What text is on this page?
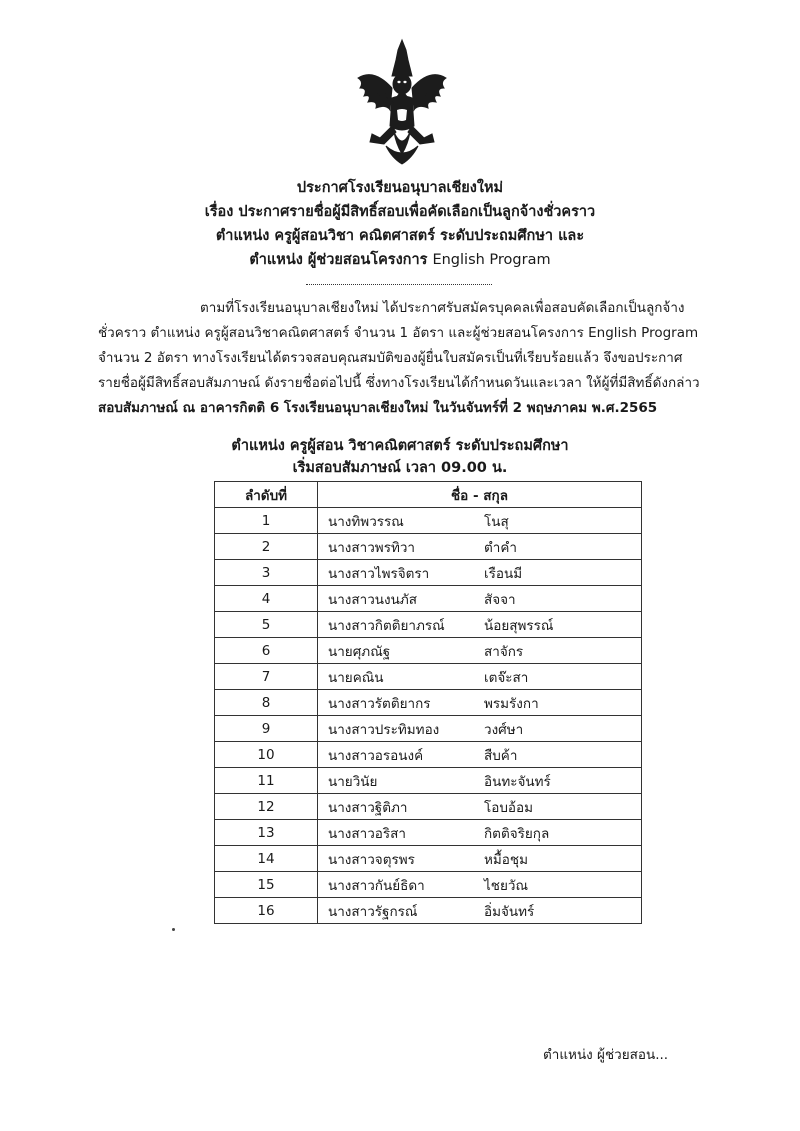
ประกาศโรงเรียนอนุบาลเชียงใหม่
เรื่อง ประกาศรายชื่อผู้มีสิทธิ์สอบเพื่อคัดเลือกเป็นลูกจ้างชั่วคราว
ตำแหน่ง ครูผู้สอนวิชา คณิตศาสตร์ ระดับประถมศึกษา และ
ตำแหน่ง ผู้ช่วยสอนโครงการ English Program
ตามที่โรงเรียนอนุบาลเชียงใหม่ ได้ประกาศรับสมัครบุคคลเพื่อสอบคัดเลือกเป็นลูกจ้าง
ชั่วคราว ตำแหน่ง ครูผู้สอนวิชาคณิตศาสตร์ จำนวน 1 อัตรา และผู้ช่วยสอนโครงการ English Program
จำนวน 2 อัตรา ทางโรงเรียนได้ตรวจสอบคุณสมบัติของผู้ยื่นใบสมัครเป็นที่เรียบร้อยแล้ว จึงขอประกาศ
รายชื่อผู้มีสิทธิ์สอบสัมภาษณ์ ดังรายชื่อต่อไปนี้ ซึ่งทางโรงเรียนได้กำหนดวันและเวลา ให้ผู้ที่มีสิทธิ์ดังกล่าว
สอบสัมภาษณ์ ณ อาคารกิตติ 6 โรงเรียนอนุบาลเชียงใหม่ ในวันจันทร์ที่ 2 พฤษภาคม พ.ศ.2565
ตำแหน่ง ครูผู้สอน วิชาคณิตศาสตร์ ระดับประถมศึกษา
เริ่มสอบสัมภาษณ์ เวลา 09.00 น.
ลำดับที่	ชื่อ - สกุล
1	นางทิพวรรณ โนสุ
2	นางสาวพรทิวา ตำคำ
3	นางสาวไพรจิตรา เรือนมี
4	นางสาวนงนภัส สัจจา
5	นางสาวกิตติยาภรณ์ น้อยสุพรรณ์
6	นายศุภณัฐ สาจักร
7	นายคณิน เตจ๊ะสา
8	นางสาวรัตติยากร พรมรังกา
9	นางสาวประทิมทอง วงศ์ษา
10	นางสาวอรอนงค์ สืบค้า
11	นายวินัย อินทะจันทร์
12	นางสาวฐิติภา โอบอ้อม
13	นางสาวอริสา กิตติจริยกุล
14	นางสาวจตุรพร หมื้อชุม
15	นางสาวกันย์ธิดา ไชยวัณ
16	นางสาวรัฐกรณ์ อิ่มจันทร์
ตำแหน่ง ผู้ช่วยสอน...
